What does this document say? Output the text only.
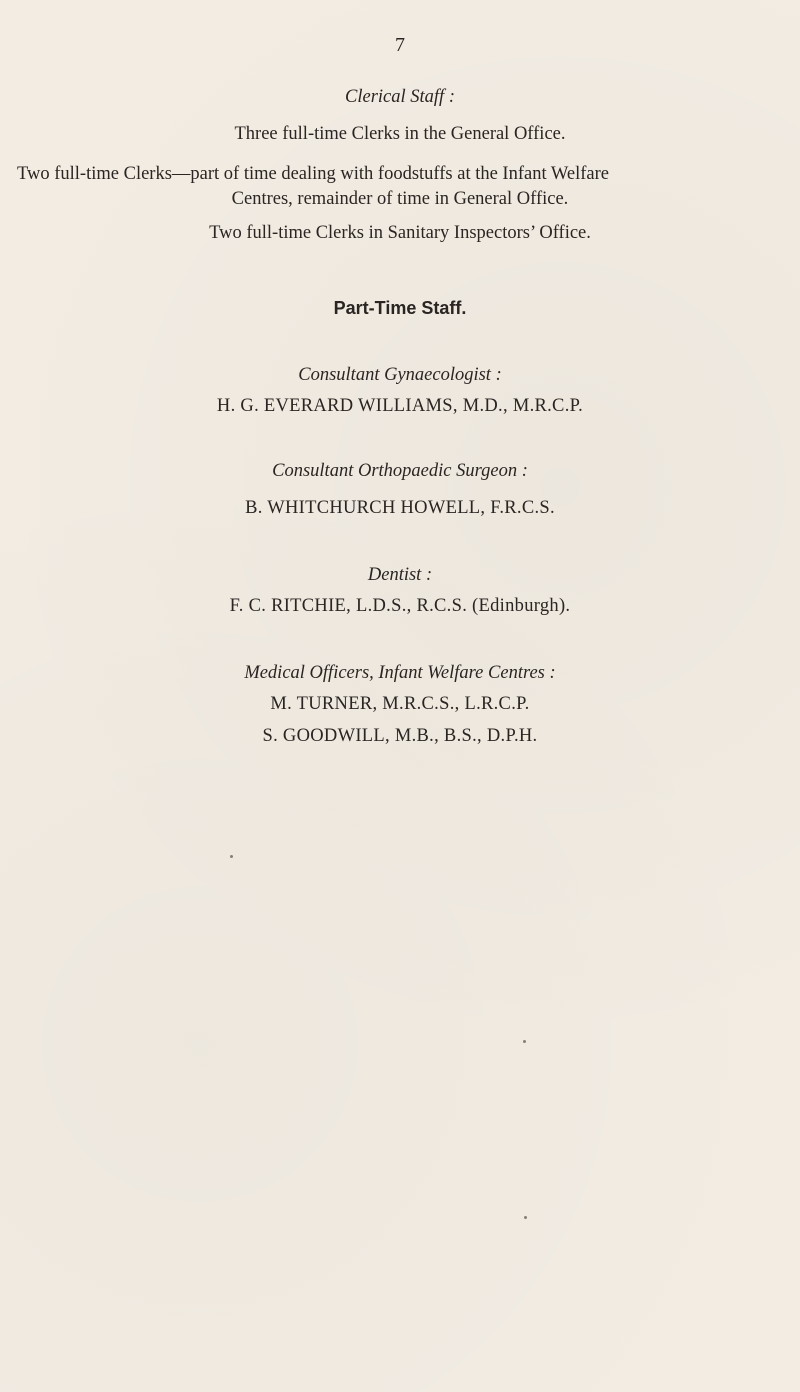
7
Clerical Staff :
Three full-time Clerks in the General Office.
Two full-time Clerks—part of time dealing with foodstuffs at the Infant Welfare
Centres, remainder of time in General Office.
Two full-time Clerks in Sanitary Inspectors’ Office.
Part-Time Staff.
Consultant Gynaecologist :
H. G. EVERARD WILLIAMS, M.D., M.R.C.P.
Consultant Orthopaedic Surgeon :
B. WHITCHURCH HOWELL, F.R.C.S.
Dentist :
F. C. RITCHIE, L.D.S., R.C.S. (Edinburgh).
Medical Officers, Infant Welfare Centres :
M. TURNER, M.R.C.S., L.R.C.P.
S. GOODWILL, M.B., B.S., D.P.H.
